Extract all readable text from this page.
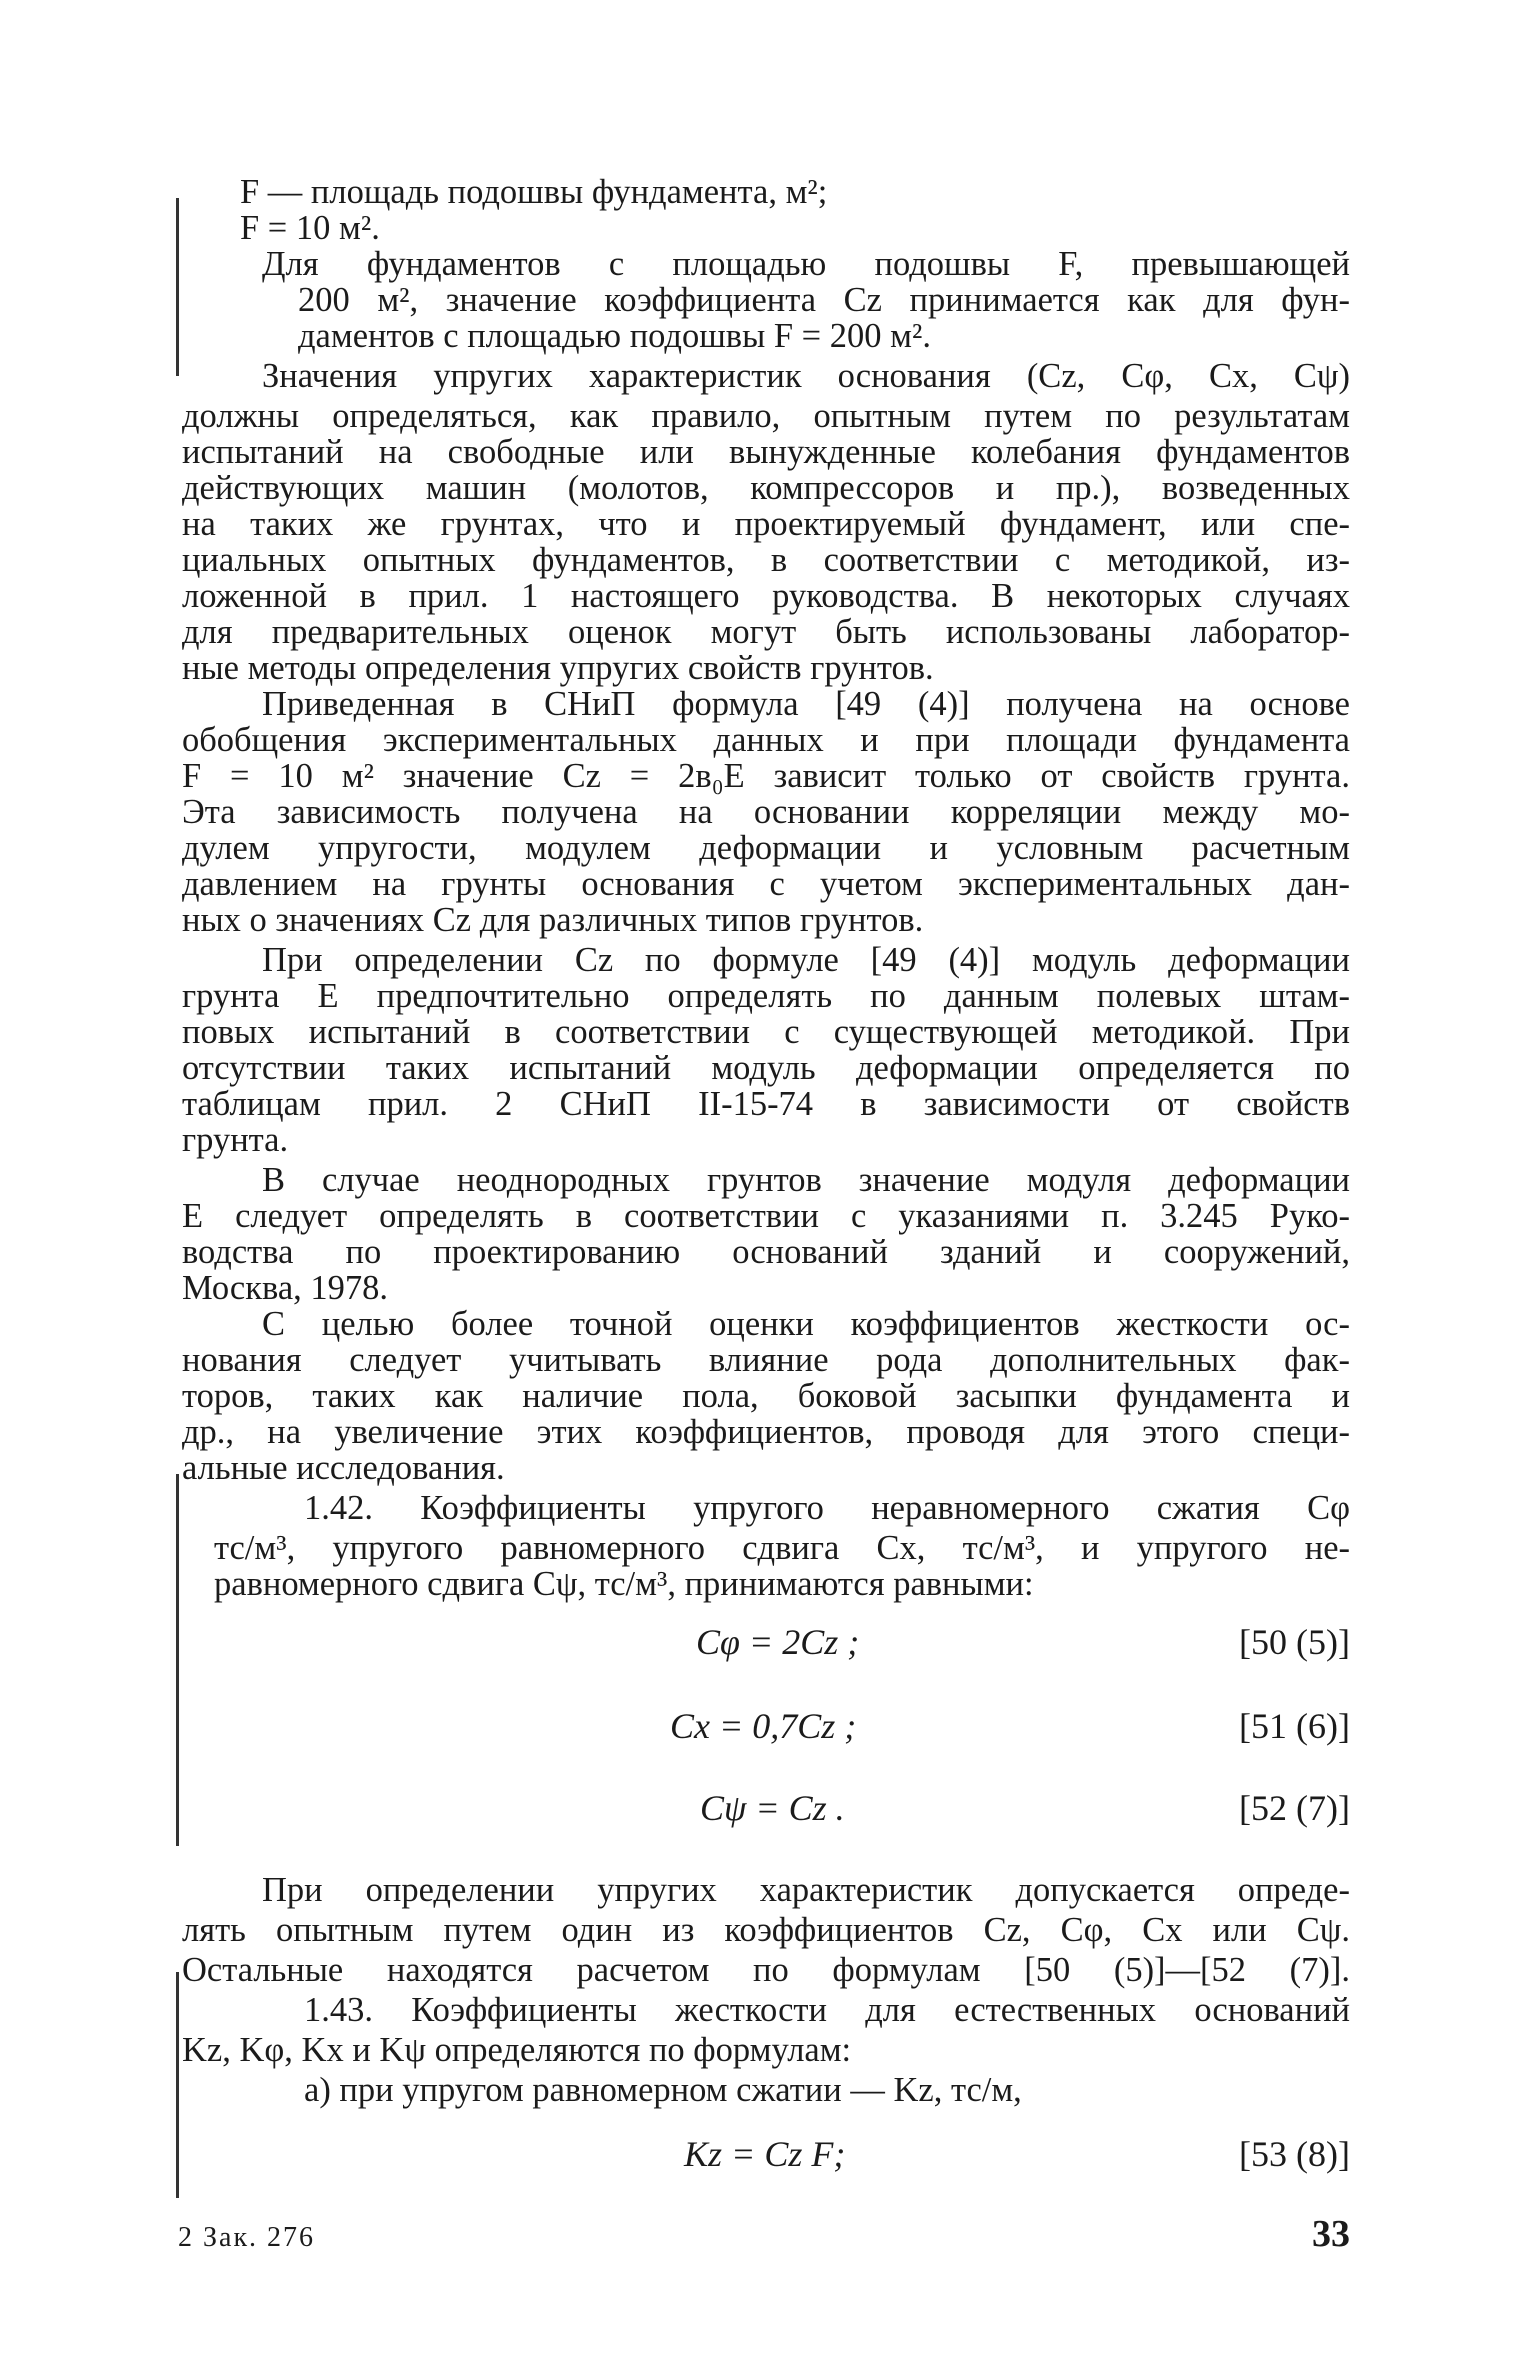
F — площадь подошвы фундамента, м²;
F = 10 м².
Для фундаментов с площадью подошвы F, превышающей
200 м², значение коэффициента Cz принимается как для фун-
даментов с площадью подошвы F = 200 м².
Значения упругих характеристик основания (Cz, Cφ, Cx, Cψ)
должны определяться, как правило, опытным путем по результатам
испытаний на свободные или вынужденные колебания фундаментов
действующих машин (молотов, компрессоров и пр.), возведенных
на таких же грунтах, что и проектируемый фундамент, или спе-
циальных опытных фундаментов, в соответствии с методикой, из-
ложенной в прил. 1 настоящего руководства. В некоторых случаях
для предварительных оценок могут быть использованы лаборатор-
ные методы определения упругих свойств грунтов.
Приведенная в СНиП формула [49 (4)] получена на основе
обобщения экспериментальных данных и при площади фундамента
F = 10 м² значение Cz = 2в₀E зависит только от свойств грунта.
Эта зависимость получена на основании корреляции между мо-
дулем упругости, модулем деформации и условным расчетным
давлением на грунты основания с учетом экспериментальных дан-
ных о значениях Cz для различных типов грунтов.
При определении Cz по формуле [49 (4)] модуль деформации
грунта E предпочтительно определять по данным полевых штам-
повых испытаний в соответствии с существующей методикой. При
отсутствии таких испытаний модуль деформации определяется по
таблицам прил. 2 СНиП II-15-74 в зависимости от свойств
грунта.
В случае неоднородных грунтов значение модуля деформации
E следует определять в соответствии с указаниями п. 3.245 Руко-
водства по проектированию оснований зданий и сооружений,
Москва, 1978.
С целью более точной оценки коэффициентов жесткости ос-
нования следует учитывать влияние рода дополнительных фак-
торов, таких как наличие пола, боковой засыпки фундамента и
др., на увеличение этих коэффициентов, проводя для этого специ-
альные исследования.
1.42. Коэффициенты упругого неравномерного сжатия Cφ
тс/м³, упругого равномерного сдвига Cx, тс/м³, и упругого не-
равномерного сдвига Cψ, тс/м³, принимаются равными:
Cφ = 2Cz ;	[50 (5)]
Cx = 0,7Cz ;	[51 (6)]
Cψ = Cz .	[52 (7)]
При определении упругих характеристик допускается опреде-
лять опытным путем один из коэффициентов Cz, Cφ, Cx или Cψ.
Остальные находятся расчетом по формулам [50 (5)]—[52 (7)].
1.43. Коэффициенты жесткости для естественных оснований
Kz, Kφ, Kx и Kψ определяются по формулам:
а) при упругом равномерном сжатии — Kz, тс/м,
Kz = Cz F;	[53 (8)]
2 Зак. 276	33
